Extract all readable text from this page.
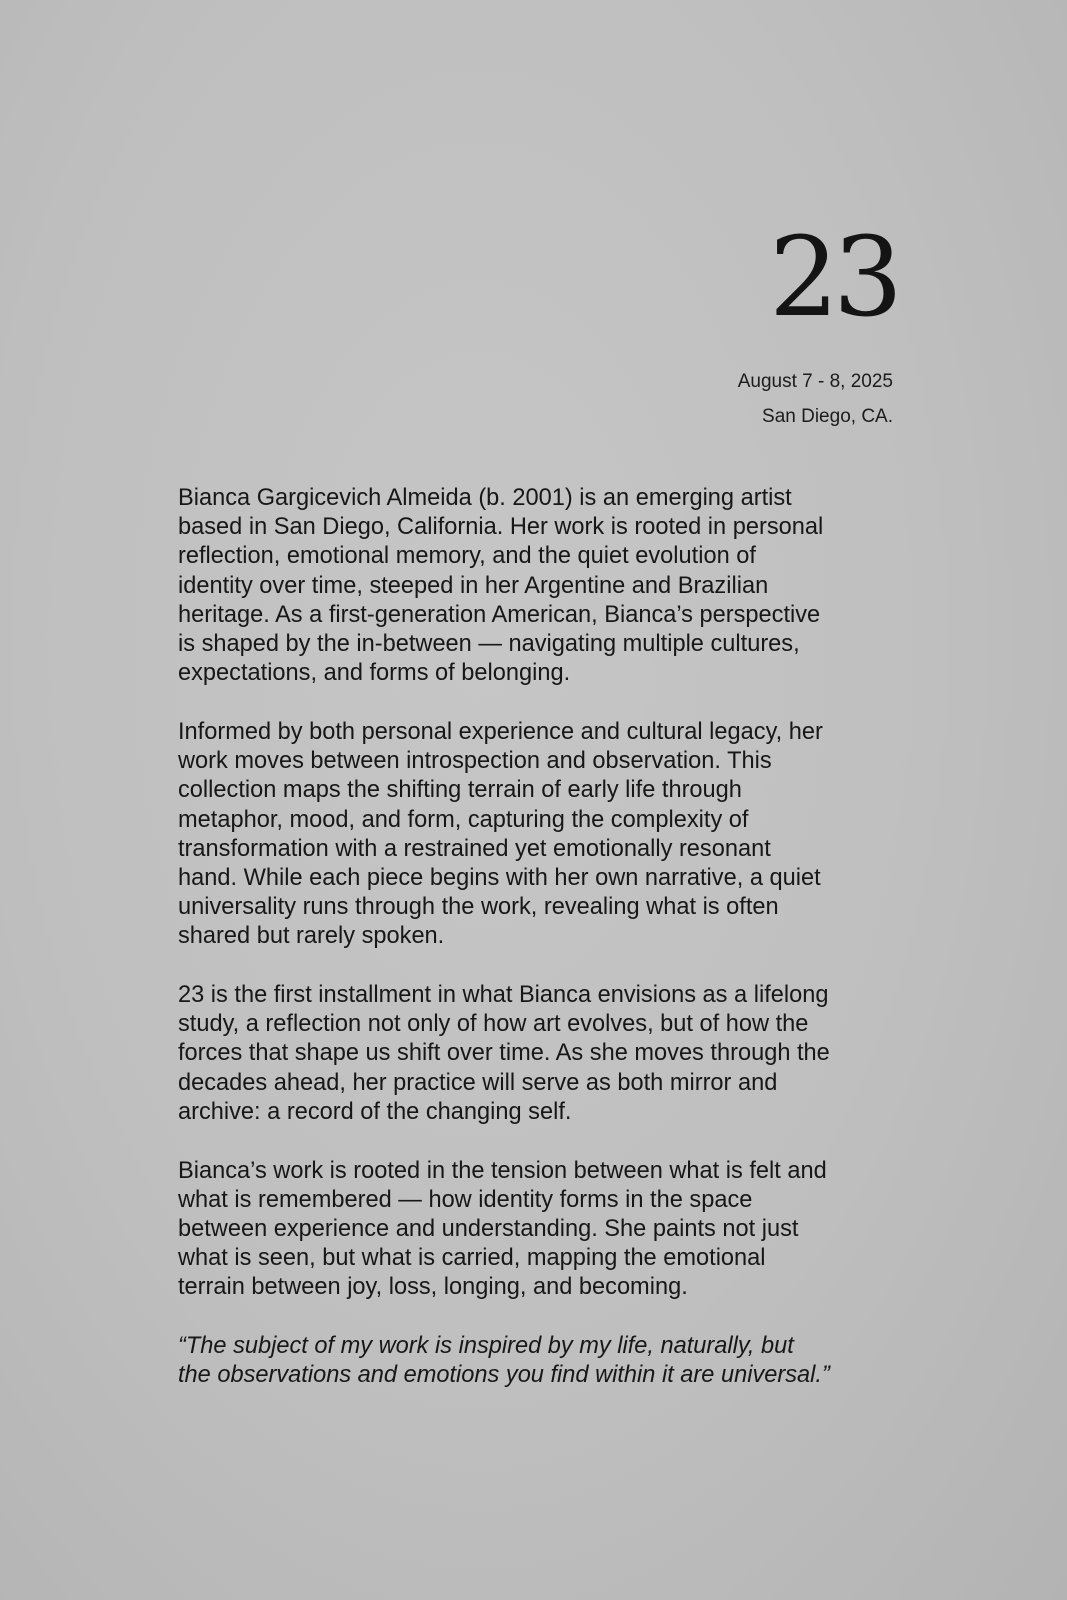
23
August 7 - 8, 2025
San Diego, CA.

Bianca Gargicevich Almeida (b. 2001) is an emerging artist
based in San Diego, California. Her work is rooted in personal
reflection, emotional memory, and the quiet evolution of
identity over time, steeped in her Argentine and Brazilian
heritage. As a first-generation American, Bianca’s perspective
is shaped by the in-between — navigating multiple cultures,
expectations, and forms of belonging.

Informed by both personal experience and cultural legacy, her
work moves between introspection and observation. This
collection maps the shifting terrain of early life through
metaphor, mood, and form, capturing the complexity of
transformation with a restrained yet emotionally resonant
hand. While each piece begins with her own narrative, a quiet
universality runs through the work, revealing what is often
shared but rarely spoken.

23 is the first installment in what Bianca envisions as a lifelong
study, a reflection not only of how art evolves, but of how the
forces that shape us shift over time. As she moves through the
decades ahead, her practice will serve as both mirror and
archive: a record of the changing self.

Bianca’s work is rooted in the tension between what is felt and
what is remembered — how identity forms in the space
between experience and understanding. She paints not just
what is seen, but what is carried, mapping the emotional
terrain between joy, loss, longing, and becoming.

“The subject of my work is inspired by my life, naturally, but
the observations and emotions you find within it are universal.”
